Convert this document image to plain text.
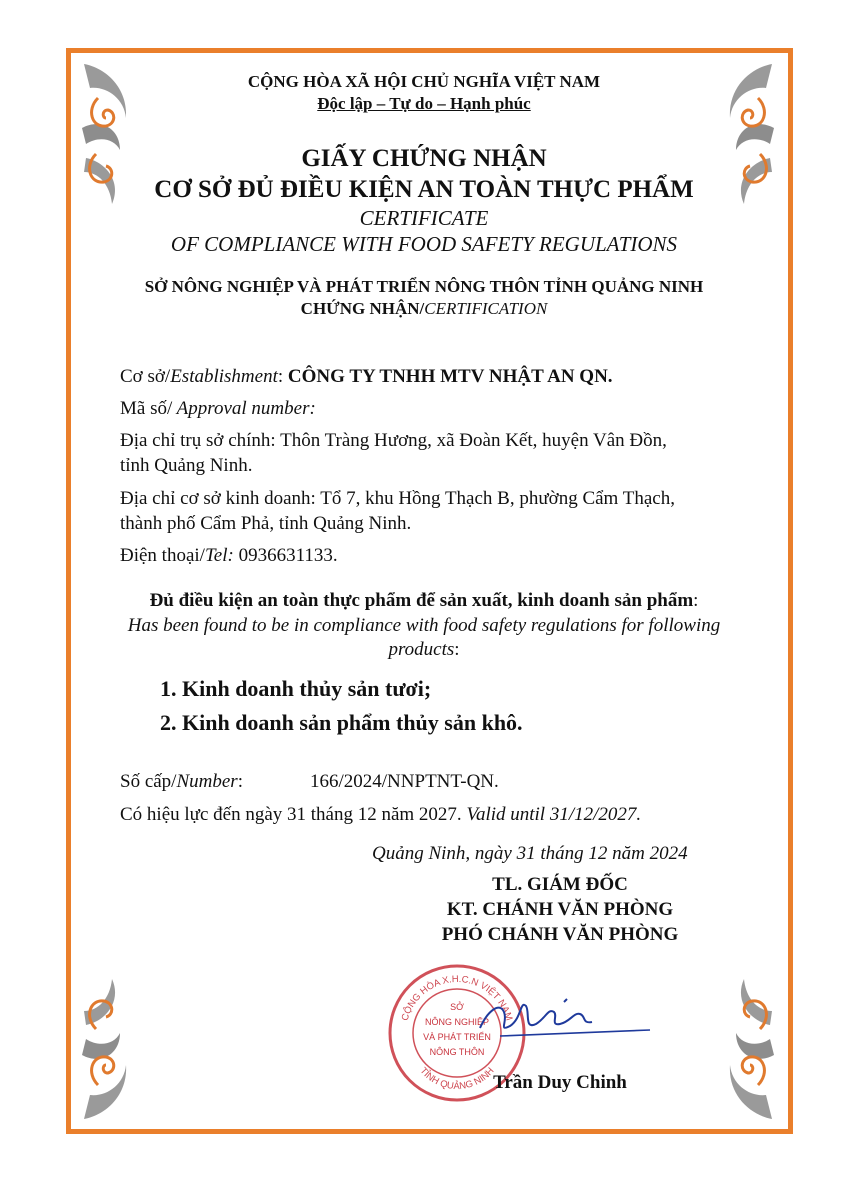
CỘNG HÒA XÃ HỘI CHỦ NGHĨA VIỆT NAM
Độc lập – Tự do – Hạnh phúc
GIẤY CHỨNG NHẬN
CƠ SỞ ĐỦ ĐIỀU KIỆN AN TOÀN THỰC PHẨM
CERTIFICATE
OF COMPLIANCE WITH FOOD SAFETY REGULATIONS
SỞ NÔNG NGHIỆP VÀ PHÁT TRIỂN NÔNG THÔN TỈNH QUẢNG NINH
CHỨNG NHẬN/CERTIFICATION
Cơ sở/Establishment: CÔNG TY TNHH MTV NHẬT AN QN.
Mã số/ Approval number:
Địa chỉ trụ sở chính: Thôn Tràng Hương, xã Đoàn Kết, huyện Vân Đồn,
tỉnh Quảng Ninh.
Địa chỉ cơ sở kinh doanh: Tổ 7, khu Hồng Thạch B, phường Cẩm Thạch,
thành phố Cẩm Phả, tỉnh Quảng Ninh.
Điện thoại/Tel: 0936631133.
Đủ điều kiện an toàn thực phẩm để sản xuất, kinh doanh sản phẩm:
Has been found to be in compliance with food safety regulations for following
products:
1. Kinh doanh thủy sản tươi;
2. Kinh doanh sản phẩm thủy sản khô.
Số cấp/Number:	166/2024/NNPTNT-QN.
Có hiệu lực đến ngày 31 tháng 12 năm 2027. Valid until 31/12/2027.
Quảng Ninh, ngày 31 tháng 12 năm 2024
TL. GIÁM ĐỐC
KT. CHÁNH VĂN PHÒNG
PHÓ CHÁNH VĂN PHÒNG
CỘNG HÒA X.H.C.N VIỆT NAM
TỈNH QUẢNG NINH
SỞ
NÔNG NGHIỆP
VÀ PHÁT TRIỂN
NÔNG THÔN
Trần Duy Chinh
